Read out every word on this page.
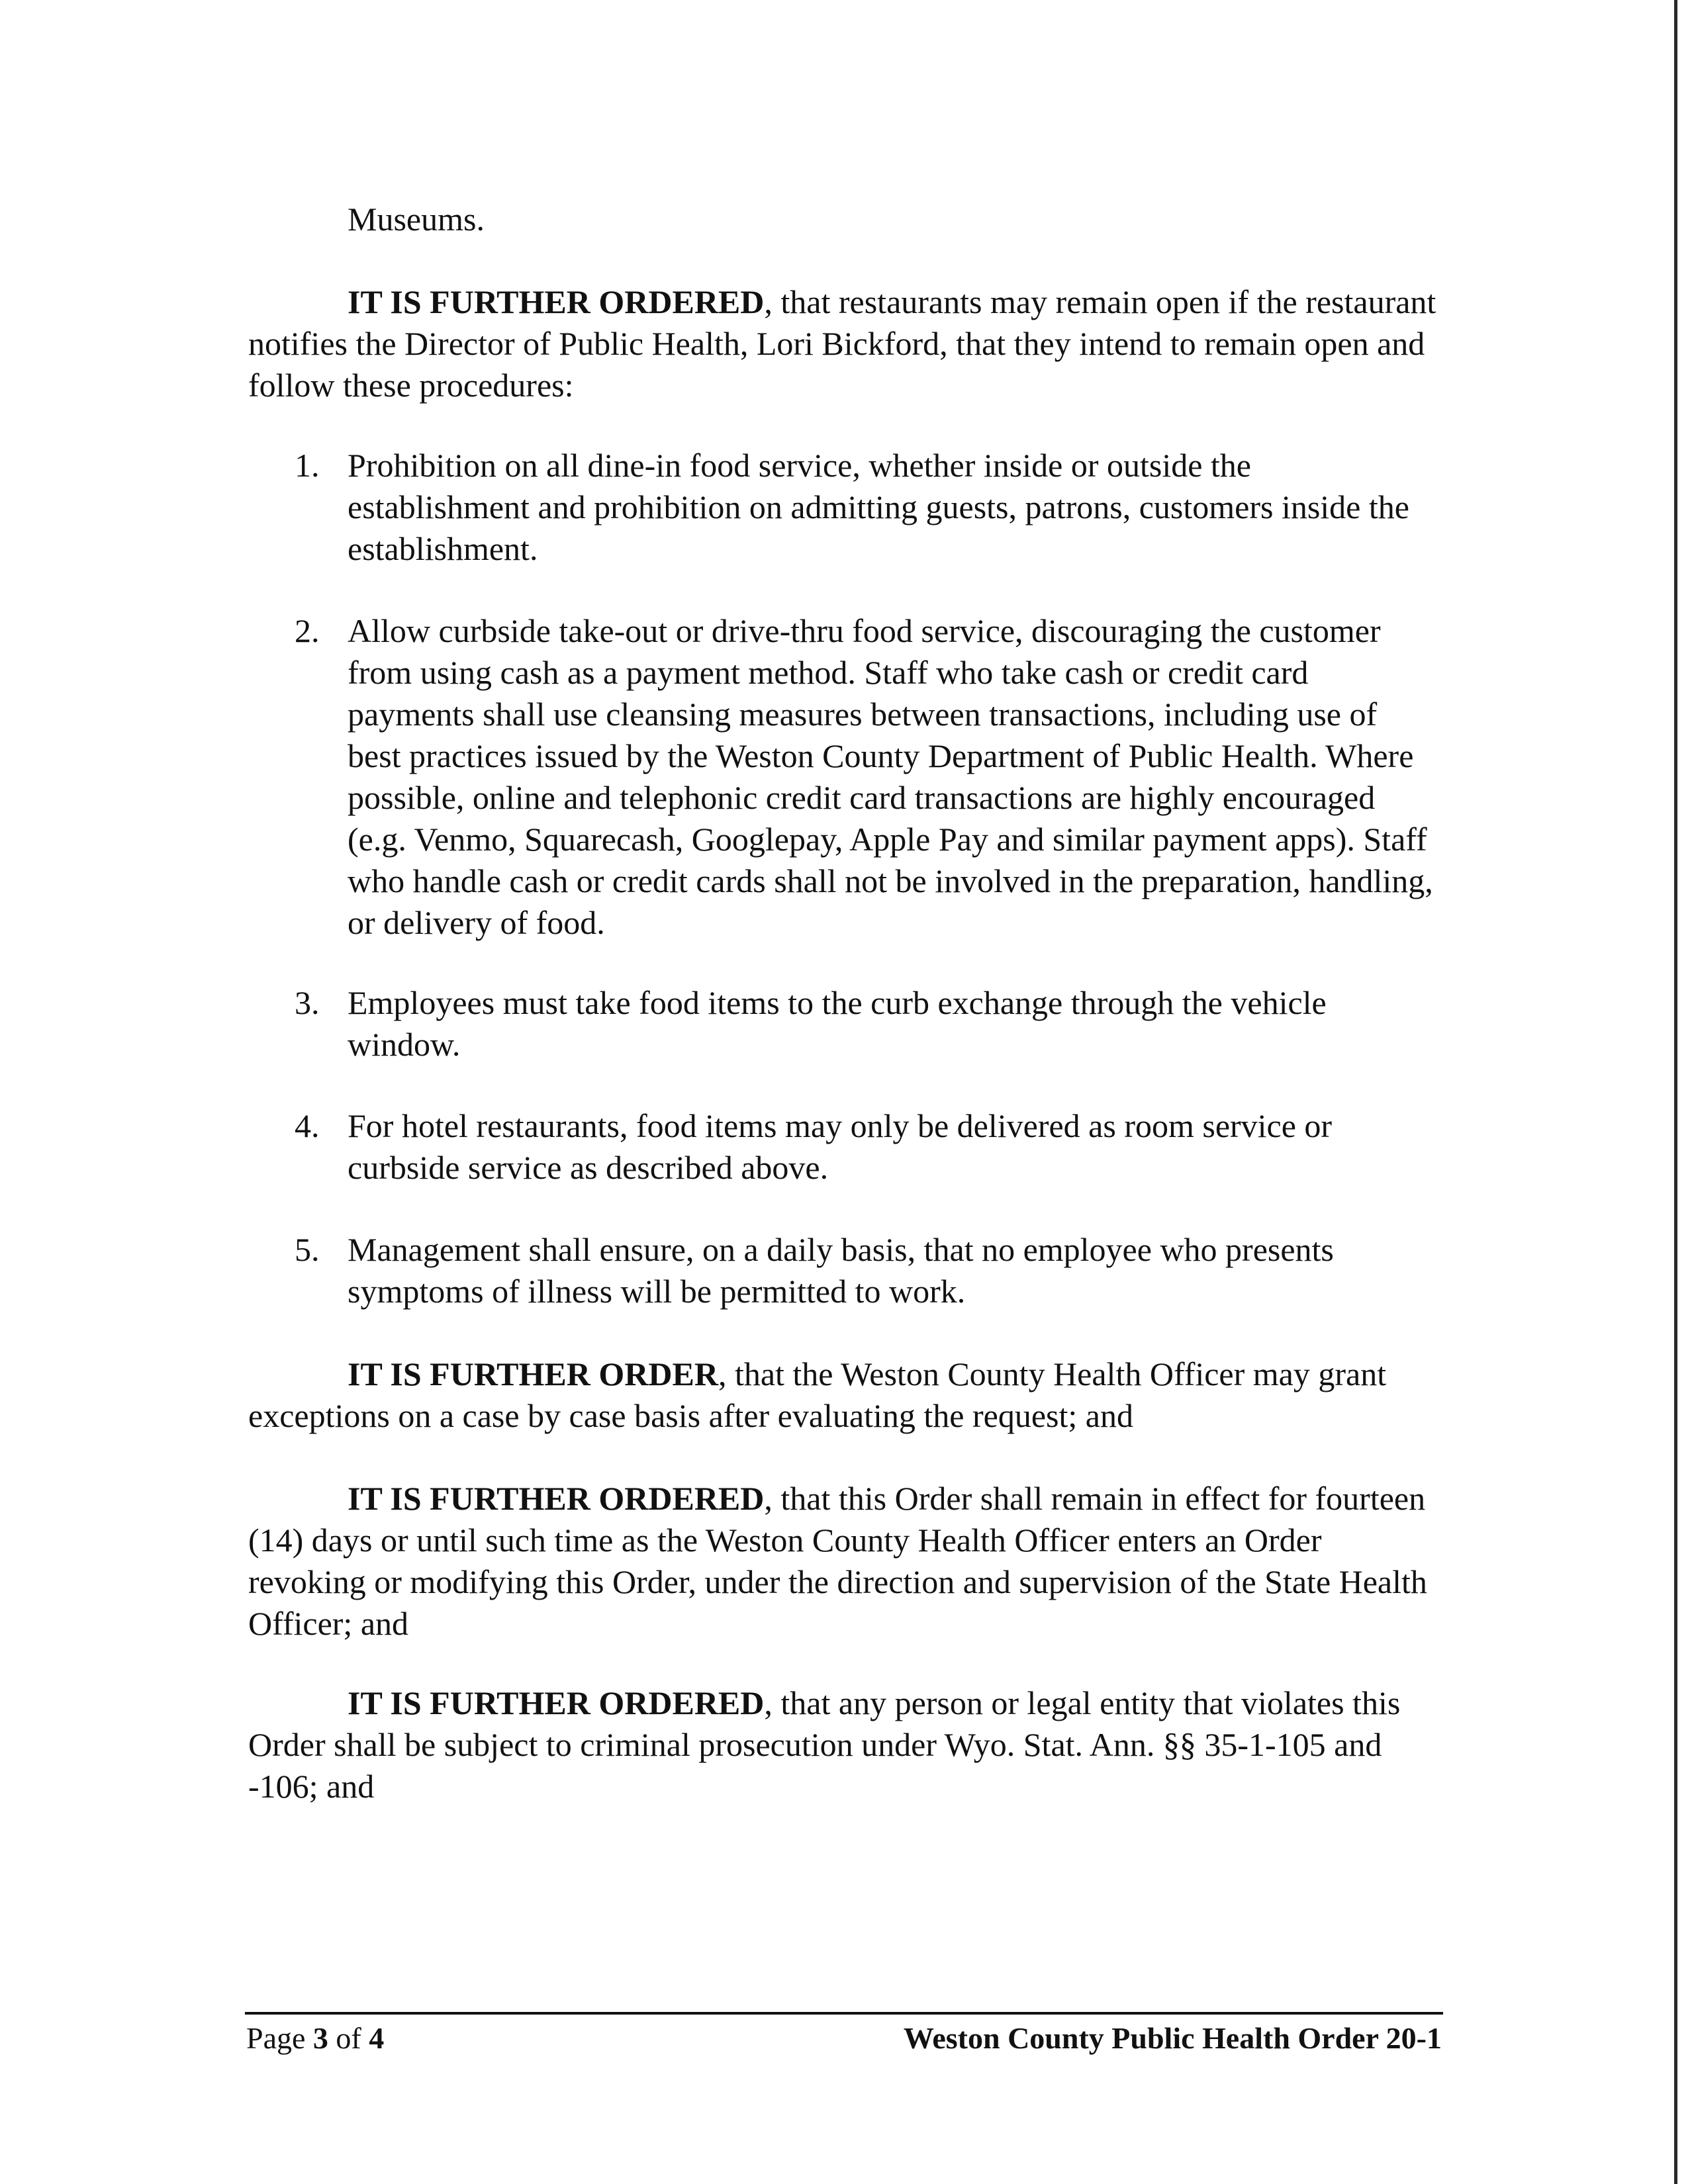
Museums.

IT IS FURTHER ORDERED, that restaurants may remain open if the restaurant notifies the Director of Public Health, Lori Bickford, that they intend to remain open and follow these procedures:

1. Prohibition on all dine-in food service, whether inside or outside the establishment and prohibition on admitting guests, patrons, customers inside the establishment.
2. Allow curbside take-out or drive-thru food service, discouraging the customer from using cash as a payment method. Staff who take cash or credit card payments shall use cleansing measures between transactions, including use of best practices issued by the Weston County Department of Public Health. Where possible, online and telephonic credit card transactions are highly encouraged (e.g. Venmo, Squarecash, Googlepay, Apple Pay and similar payment apps). Staff who handle cash or credit cards shall not be involved in the preparation, handling, or delivery of food.
3. Employees must take food items to the curb exchange through the vehicle window.
4. For hotel restaurants, food items may only be delivered as room service or curbside service as described above.
5. Management shall ensure, on a daily basis, that no employee who presents symptoms of illness will be permitted to work.

IT IS FURTHER ORDER, that the Weston County Health Officer may grant exceptions on a case by case basis after evaluating the request; and

IT IS FURTHER ORDERED, that this Order shall remain in effect for fourteen (14) days or until such time as the Weston County Health Officer enters an Order revoking or modifying this Order, under the direction and supervision of the State Health Officer; and

IT IS FURTHER ORDERED, that any person or legal entity that violates this Order shall be subject to criminal prosecution under Wyo. Stat. Ann. §§ 35-1-105 and -106; and

Page 3 of 4	Weston County Public Health Order 20-1
